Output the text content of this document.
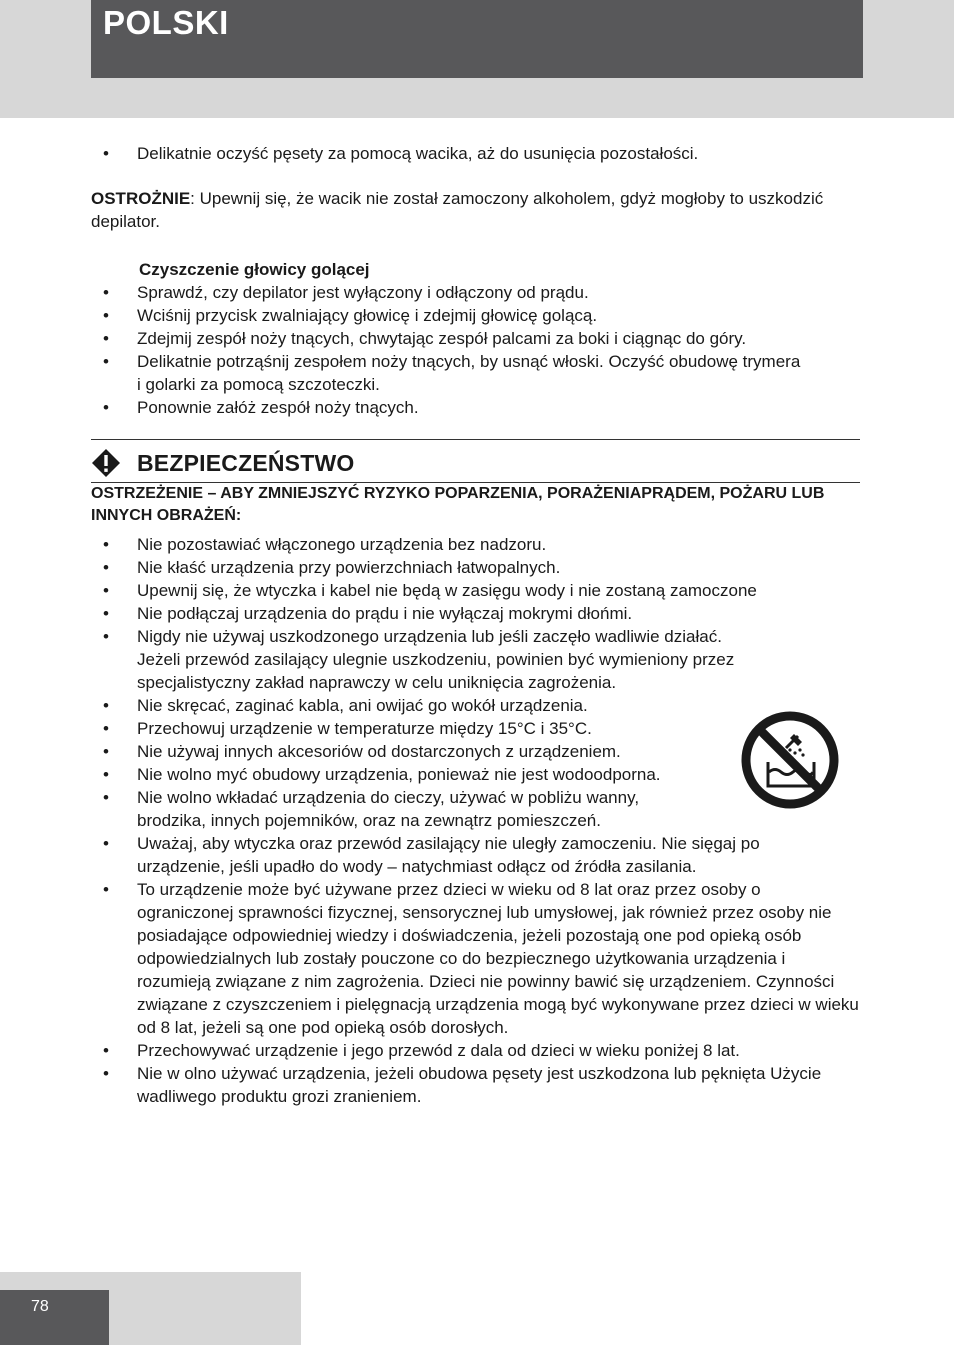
POLSKI
• Delikatnie oczyść pęsety za pomocą wacika, aż do usunięcia pozostałości.
OSTROŻNIE: Upewnij się, że wacik nie został zamoczony alkoholem, gdyż mogłoby to uszkodzić depilator.
Czyszczenie głowicy golącej
• Sprawdź, czy depilator jest wyłączony i odłączony od prądu.
• Wciśnij przycisk zwalniający głowicę i zdejmij głowicę golącą.
• Zdejmij zespół noży tnących, chwytając zespół palcami za boki i ciągnąc do góry.
• Delikatnie potrząśnij zespołem noży tnących, by usnąć włoski. Oczyść obudowę trymera i golarki za pomocą szczoteczki.
• Ponownie załóż zespół noży tnących.
BEZPIECZEŃSTWO
OSTRZEŻENIE – ABY ZMNIEJSZYĆ RYZYKO POPARZENIA, PORAŻENIAPRĄDEM, POŻARU LUB INNYCH OBRAŻEŃ:
• Nie pozostawiać włączonego urządzenia bez nadzoru.
• Nie kłaść urządzenia przy powierzchniach łatwopalnych.
• Upewnij się, że wtyczka i kabel nie będą w zasięgu wody i nie zostaną zamoczone
• Nie podłączaj urządzenia do prądu i nie wyłączaj mokrymi dłońmi.
• Nigdy nie używaj uszkodzonego urządzenia lub jeśli zaczęło wadliwie działać.
Jeżeli przewód zasilający ulegnie uszkodzeniu, powinien być wymieniony przez specjalistyczny zakład naprawczy w celu uniknięcia zagrożenia.
• Nie skręcać, zaginać kabla, ani owijać go wokół urządzenia.
• Przechowuj urządzenie w temperaturze między 15°C i 35°C.
• Nie używaj innych akcesoriów od dostarczonych z urządzeniem.
• Nie wolno myć obudowy urządzenia, ponieważ nie jest wodoodporna.
• Nie wolno wkładać urządzenia do cieczy, używać w pobliżu wanny, brodzika, innych pojemników, oraz na zewnątrz pomieszczeń.
• Uważaj, aby wtyczka oraz przewód zasilający nie uległy zamoczeniu. Nie sięgaj po urządzenie, jeśli upadło do wody – natychmiast odłącz od źródła zasilania.
• To urządzenie może być używane przez dzieci w wieku od 8 lat oraz przez osoby o ograniczonej sprawności fizycznej, sensorycznej lub umysłowej, jak również przez osoby nie posiadające odpowiedniej wiedzy i doświadczenia, jeżeli pozostają one pod opieką osób odpowiedzialnych lub zostały pouczone co do bezpiecznego użytkowania urządzenia i rozumieją związane z nim zagrożenia. Dzieci nie powinny bawić się urządzeniem. Czynności związane z czyszczeniem i pielęgnacją urządzenia mogą być wykonywane przez dzieci w wieku od 8 lat, jeżeli są one pod opieką osób dorosłych.
• Przechowywać urządzenie i jego przewód z dala od dzieci w wieku poniżej 8 lat.
• Nie w olno używać urządzenia, jeżeli obudowa pęsety jest uszkodzona lub pęknięta Użycie wadliwego produktu grozi zranieniem.
78
